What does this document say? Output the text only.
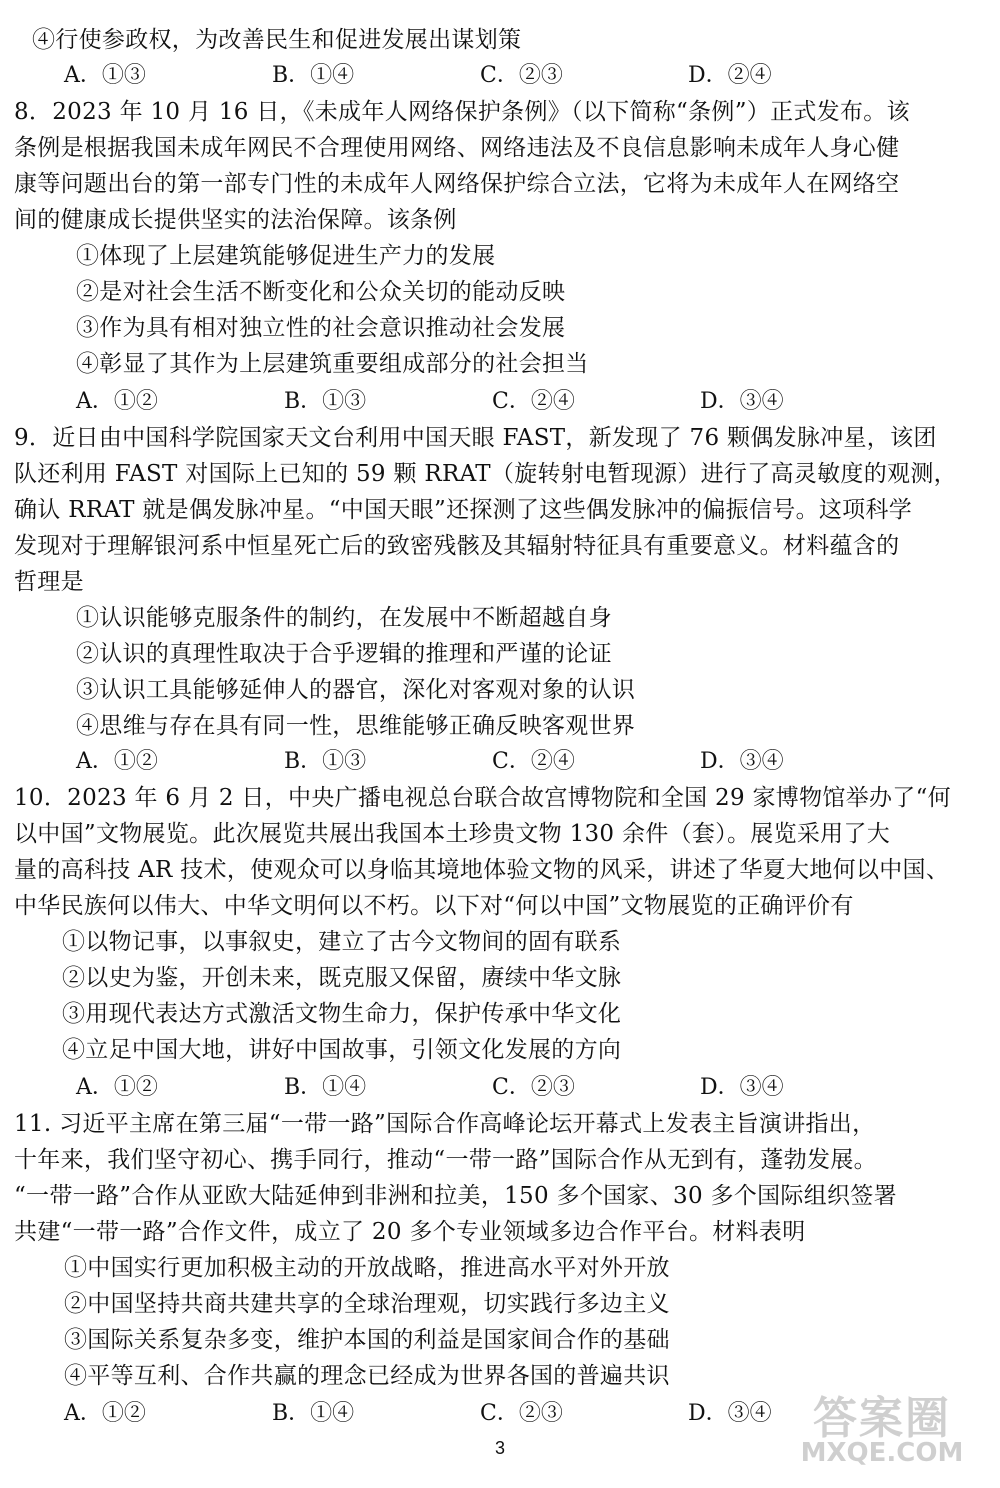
④行使参政权，为改善民生和促进发展出谋划策
A．①③	B．①④	C．②③	D．②④
8．2023 年 10 月 16 日，《未成年人网络保护条例》（以下简称“条例”）正式发布。该
条例是根据我国未成年网民不合理使用网络、网络违法及不良信息影响未成年人身心健
康等问题出台的第一部专门性的未成年人网络保护综合立法，它将为未成年人在网络空
间的健康成长提供坚实的法治保障。该条例
①体现了上层建筑能够促进生产力的发展
②是对社会生活不断变化和公众关切的能动反映
③作为具有相对独立性的社会意识推动社会发展
④彰显了其作为上层建筑重要组成部分的社会担当
A．①②	B．①③	C．②④	D．③④
9．近日由中国科学院国家天文台利用中国天眼 FAST，新发现了 76 颗偶发脉冲星，该团
队还利用 FAST 对国际上已知的 59 颗 RRAT（旋转射电暂现源）进行了高灵敏度的观测，
确认 RRAT 就是偶发脉冲星。“中国天眼”还探测了这些偶发脉冲的偏振信号。这项科学
发现对于理解银河系中恒星死亡后的致密残骸及其辐射特征具有重要意义。材料蕴含的
哲理是
①认识能够克服条件的制约，在发展中不断超越自身
②认识的真理性取决于合乎逻辑的推理和严谨的论证
③认识工具能够延伸人的器官，深化对客观对象的认识
④思维与存在具有同一性，思维能够正确反映客观世界
A．①②	B．①③	C．②④	D．③④
10．2023 年 6 月 2 日，中央广播电视总台联合故宫博物院和全国 29 家博物馆举办了“何
以中国”文物展览。此次展览共展出我国本土珍贵文物 130 余件（套）。展览采用了大
量的高科技 AR 技术，使观众可以身临其境地体验文物的风采，讲述了华夏大地何以中国、
中华民族何以伟大、中华文明何以不朽。以下对“何以中国”文物展览的正确评价有
①以物记事，以事叙史，建立了古今文物间的固有联系
②以史为鉴，开创未来，既克服又保留，赓续中华文脉
③用现代表达方式激活文物生命力，保护传承中华文化
④立足中国大地，讲好中国故事，引领文化发展的方向
A．①②	B．①④	C．②③	D．③④
11. 习近平主席在第三届“一带一路”国际合作高峰论坛开幕式上发表主旨演讲指出，
十年来，我们坚守初心、携手同行，推动“一带一路”国际合作从无到有，蓬勃发展。
“一带一路”合作从亚欧大陆延伸到非洲和拉美，150 多个国家、30 多个国际组织签署
共建“一带一路”合作文件，成立了 20 多个专业领域多边合作平台。材料表明
①中国实行更加积极主动的开放战略，推进高水平对外开放
②中国坚持共商共建共享的全球治理观，切实践行多边主义
③国际关系复杂多变，维护本国的利益是国家间合作的基础
④平等互利、合作共赢的理念已经成为世界各国的普遍共识
A．①②	B．①④	C．②③	D．③④
3
答案圈
MXQE.COM
